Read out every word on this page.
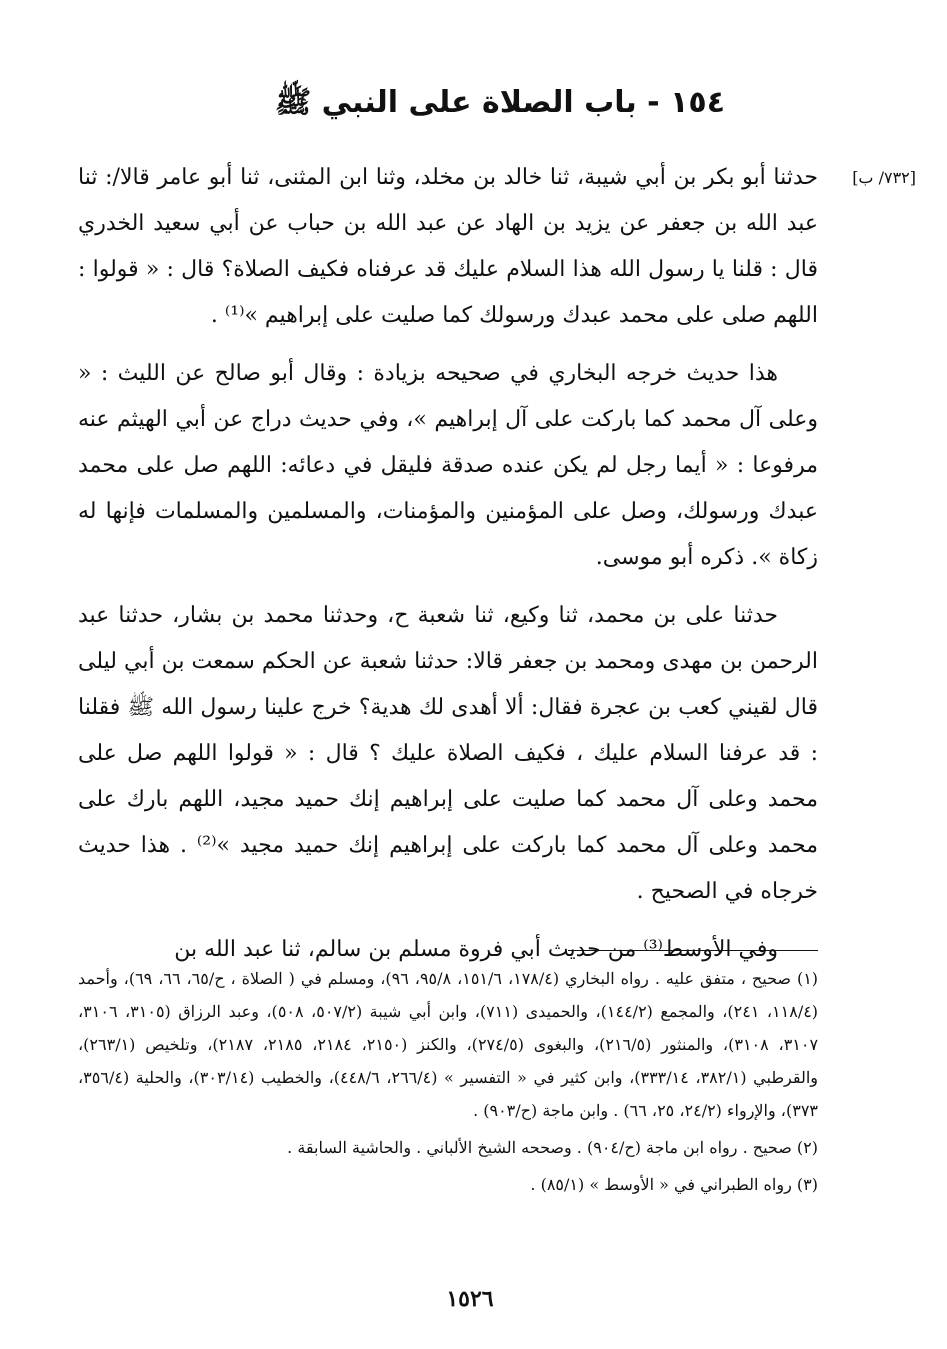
١٥٤ - باب الصلاة على النبي ﷺ
[٧٣٢/ ب]

حدثنا أبو بكر بن أبي شيبة، ثنا خالد بن مخلد، وثنا ابن المثنى، ثنا أبو عامر قالا/: ثنا عبد الله بن جعفر عن يزيد بن الهاد عن عبد الله بن حباب عن أبي سعيد الخدري قال : قلنا يا رسول الله هذا السلام عليك قد عرفناه فكيف الصلاة؟ قال : « قولوا : اللهم صلى على محمد عبدك ورسولك كما صليت على إبراهيم »⁽¹⁾ .

هذا حديث خرجه البخاري في صحيحه بزيادة : وقال أبو صالح عن الليث : « وعلى آل محمد كما باركت على آل إبراهيم »، وفي حديث دراج عن أبي الهيثم عنه مرفوعا : « أيما رجل لم يكن عنده صدقة فليقل في دعائه: اللهم صل على محمد عبدك ورسولك، وصل على المؤمنين والمؤمنات، والمسلمين والمسلمات فإنها له زكاة ». ذكره أبو موسى.

حدثنا على بن محمد، ثنا وكيع، ثنا شعبة ح، وحدثنا محمد بن بشار، حدثنا عبد الرحمن بن مهدى ومحمد بن جعفر قالا: حدثنا شعبة عن الحكم سمعت بن أبي ليلى قال لقيني كعب بن عجرة فقال: ألا أهدى لك هدية؟ خرج علينا رسول الله ﷺ فقلنا : قد عرفنا السلام عليك ، فكيف الصلاة عليك ؟ قال : « قولوا اللهم صل على محمد وعلى آل محمد كما صليت على إبراهيم إنك حميد مجيد، اللهم بارك على محمد وعلى آل محمد كما باركت على إبراهيم إنك حميد مجيد »⁽²⁾ . هذا حديث خرجاه في الصحيح .

وفي الأوسط⁽³⁾ من حديث أبي فروة مسلم بن سالم، ثنا عبد الله بن

(١) صحيح ، متفق عليه . رواه البخاري (١٧٨/٤، ١٥١/٦، ٩٥/٨، ٩٦)، ومسلم في ( الصلاة ، ح/٦٥، ٦٦، ٦٩)، وأحمد (١١٨/٤، ٢٤١)، والمجمع (١٤٤/٢)، والحميدى (٧١١)، وابن أبي شيبة (٥٠٧/٢، ٥٠٨)، وعبد الرزاق (٣١٠٥، ٣١٠٦، ٣١٠٧، ٣١٠٨)، والمنثور (٢١٦/٥)، والبغوى (٢٧٤/٥)، والكنز (٢١٥٠، ٢١٨٤، ٢١٨٥، ٢١٨٧)، وتلخيص (٢٦٣/١)، والقرطبي (٣٨٢/١، ٣٣٣/١٤)، وابن كثير في « التفسير » (٢٦٦/٤، ٤٤٨/٦)، والخطيب (٣٠٣/١٤)، والحلية (٣٥٦/٤، ٣٧٣)، والإرواء (٢٤/٢، ٢٥، ٦٦) . وابن ماجة (ح/٩٠٣) .

(٢) صحيح . رواه ابن ماجة (ح/٩٠٤) . وصححه الشيخ الألباني . والحاشية السابقة .

(٣) رواه الطبراني في « الأوسط » (٨٥/١) .

١٥٢٦
